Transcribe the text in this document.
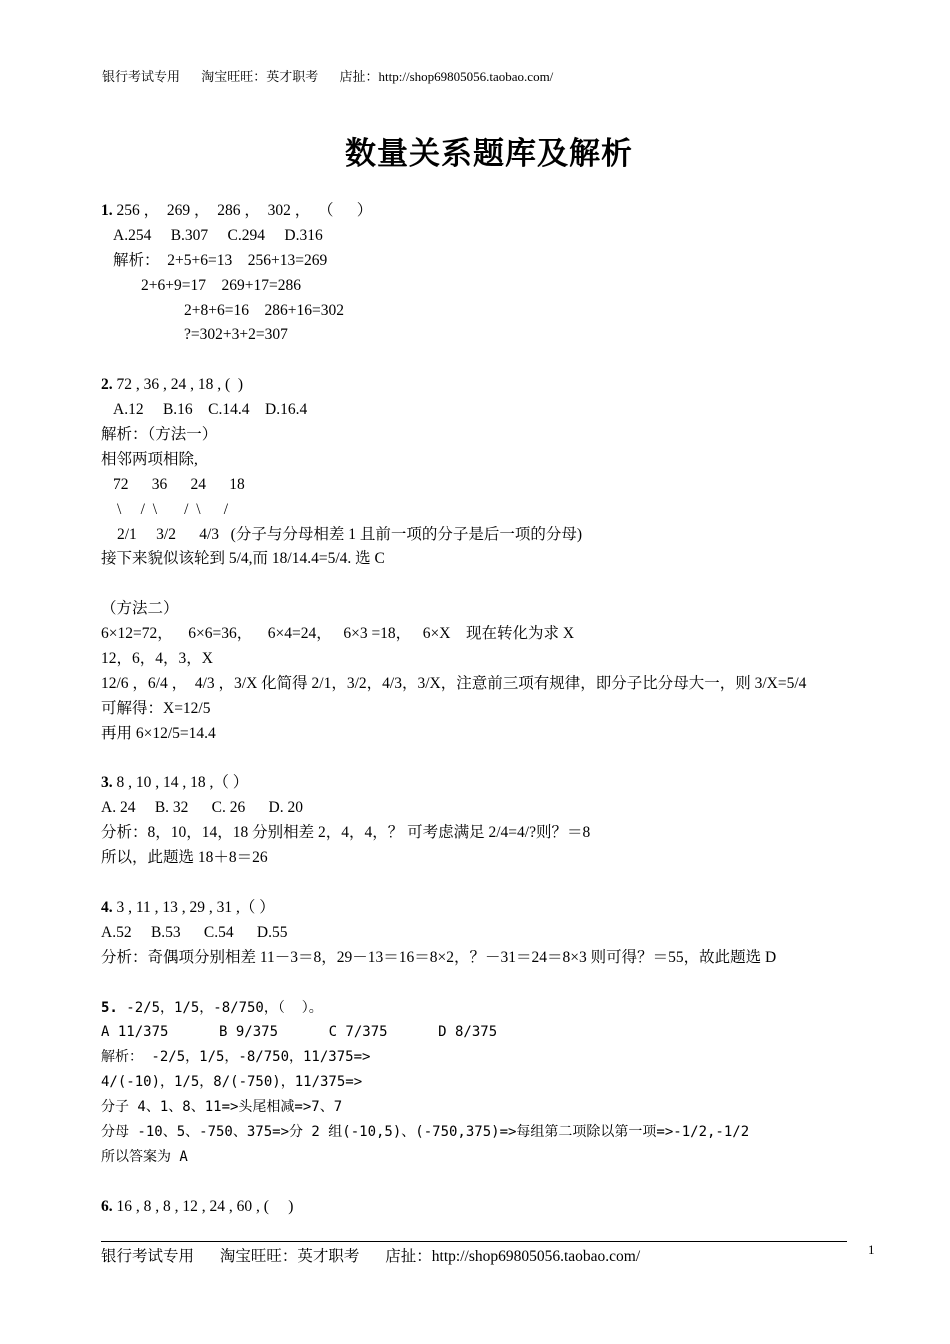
银行考试专用 淘宝旺旺：英才职考 店扯：http://shop69805056.taobao.com/
数量关系题库及解析
1. 256 ，  269 ，  286 ，  302 ，  （      ）
A.254     B.307     C.294     D.316
解析：  2+5+6=13    256+13=269
2+6+9=17    269+17=286
2+8+6=16    286+16=302
?=302+3+2=307
2. 72 , 36 , 24 , 18 , (  )
A.12     B.16    C.14.4    D.16.4
解析：（方法一）
相邻两项相除,
72      36      24      18
\     /  \       /  \      /
2/1     3/2      4/3   (分子与分母相差 1 且前一项的分子是后一项的分母)
接下来貌似该轮到 5/4,而 18/14.4=5/4. 选 C
（方法二）
6×12=72，    6×6=36，    6×4=24，   6×3 =18，   6×X    现在转化为求 X
12，6，4，3，X
12/6 ，6/4 ，  4/3 ，3/X 化简得 2/1，3/2，4/3，3/X，注意前三项有规律，即分子比分母大一，则 3/X=5/4
可解得：X=12/5
再用 6×12/5=14.4
3. 8 , 10 , 14 , 18 ,（ ）
A. 24     B. 32      C. 26      D. 20
分析：8，10，14，18 分别相差 2，4，4，？ 可考虑满足 2/4=4/?则？＝8
所以，此题选 18＋8＝26
4. 3 , 11 , 13 , 29 , 31 ,（ ）
A.52     B.53      C.54      D.55
分析：奇偶项分别相差 11－3＝8，29－13＝16＝8×2，？－31＝24＝8×3 则可得？＝55，故此题选 D
5. -2/5，1/5，-8/750，（  ）。
A 11/375      B 9/375      C 7/375      D 8/375
解析： -2/5，1/5，-8/750，11/375=>
4/(-10)，1/5，8/(-750)，11/375=>
分子 4、1、8、11=>头尾相减=>7、7
分母 -10、5、-750、375=>分 2 组(-10,5)、(-750,375)=>每组第二项除以第一项=>-1/2,-1/2
所以答案为 A
6. 16 , 8 , 8 , 12 , 24 , 60 , (     )
银行考试专用 淘宝旺旺：英才职考 店扯：http://shop69805056.taobao.com/	1
